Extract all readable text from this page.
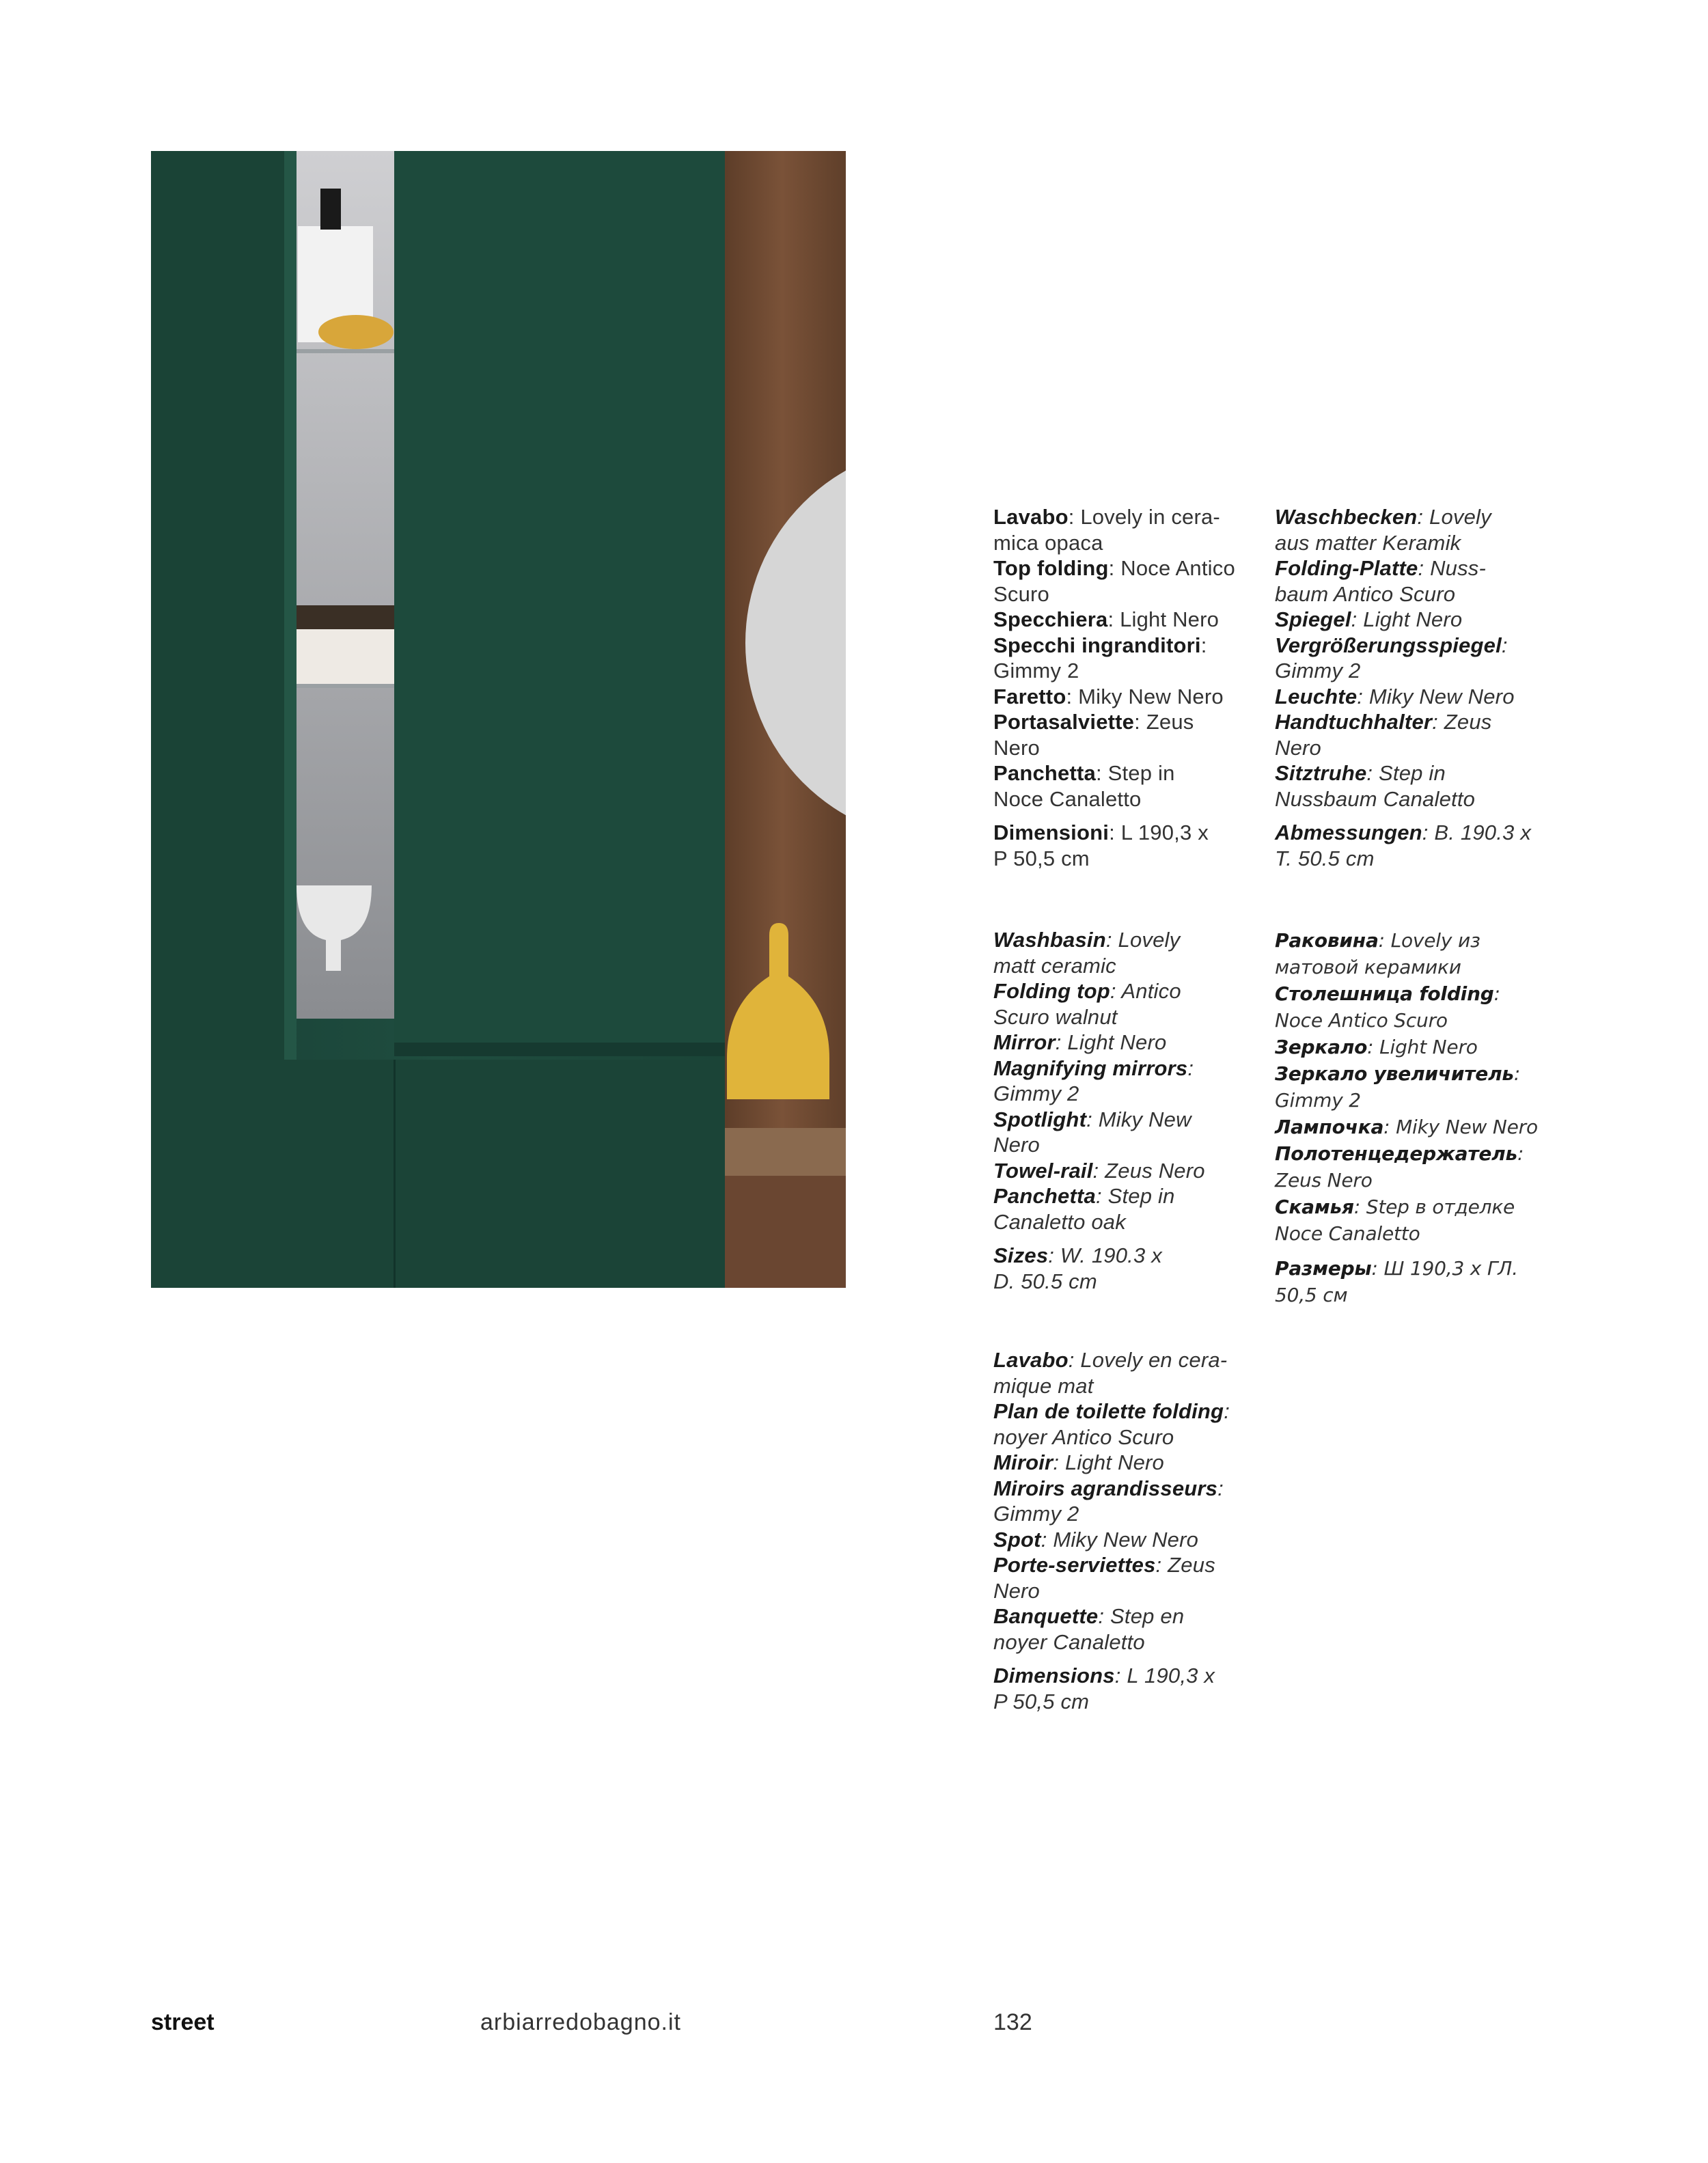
Lavabo: Lovely in cera-
mica opaca
Top folding: Noce Antico
Scuro
Specchiera: Light Nero
Specchi ingranditori:
Gimmy 2
Faretto: Miky New Nero
Portasalviette: Zeus
Nero
Panchetta: Step in
Noce Canaletto
Dimensioni: L 190,3 x
P 50,5 cm
Waschbecken: Lovely
aus matter Keramik
Folding-Platte: Nuss-
baum Antico Scuro
Spiegel: Light Nero
Vergrößerungsspiegel:
Gimmy 2
Leuchte: Miky New Nero
Handtuchhalter: Zeus
Nero
Sitztruhe: Step in
Nussbaum Canaletto
Abmessungen: B. 190.3 x
T. 50.5 cm
Washbasin: Lovely
matt ceramic
Folding top: Antico
Scuro walnut
Mirror: Light Nero
Magnifying mirrors:
Gimmy 2
Spotlight: Miky New
Nero
Towel-rail: Zeus Nero
Panchetta: Step in
Canaletto oak
Sizes: W. 190.3 x
D. 50.5 cm
Раковина: Lovely из
матовой керамики
Столешница folding:
Noce Antico Scuro
Зеркало: Light Nero
Зеркало увеличитель:
Gimmy 2
Лампочка: Miky New Nero
Полотенцедержатель:
Zeus Nero
Скамья: Step в отделке
Noce Canaletto
Размеры: Ш 190,3 х ГЛ.
50,5 см
Lavabo: Lovely en cera-
mique mat
Plan de toilette folding:
noyer Antico Scuro
Miroir: Light Nero
Miroirs agrandisseurs:
Gimmy 2
Spot: Miky New Nero
Porte-serviettes: Zeus
Nero
Banquette: Step en
noyer Canaletto
Dimensions: L 190,3 x
P 50,5 cm
street	arbiarredobagno.it	132
